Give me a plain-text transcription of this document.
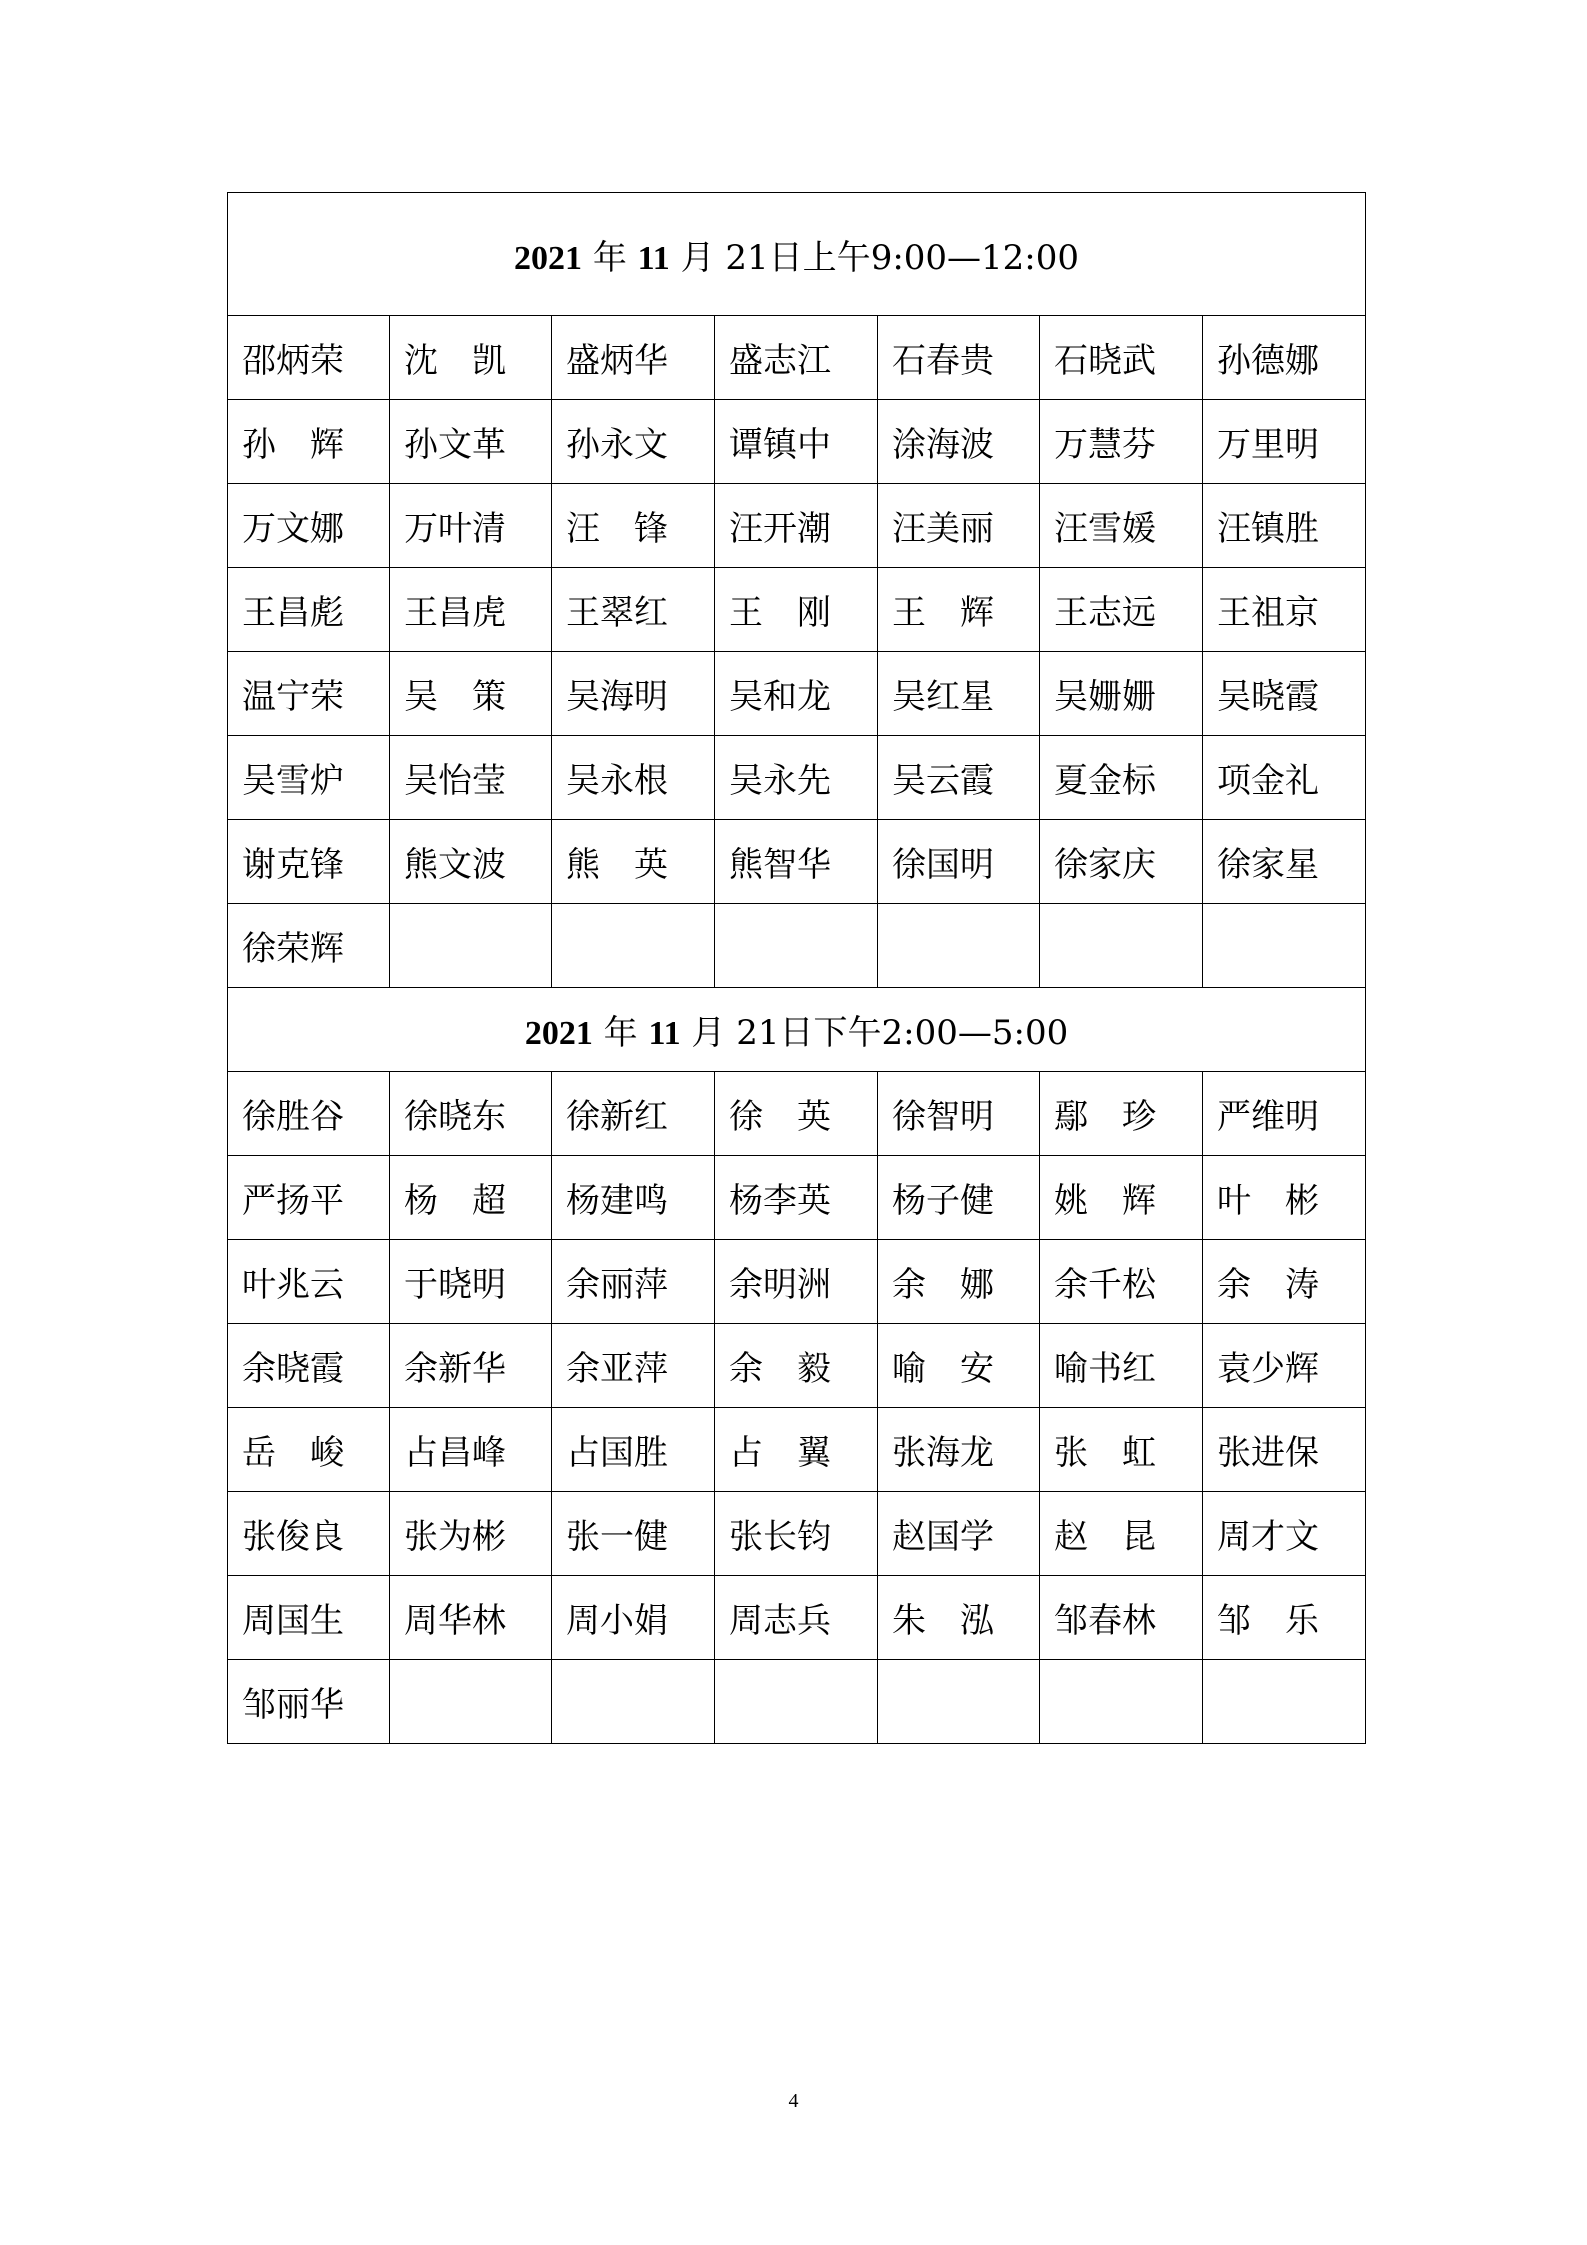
2021 年 11 月 21日上午9:00—12:00						
邵炳荣	沈　凯	盛炳华	盛志江	石春贵	石晓武	孙德娜
孙　辉	孙文革	孙永文	谭镇中	涂海波	万慧芬	万里明
万文娜	万叶清	汪　锋	汪开潮	汪美丽	汪雪媛	汪镇胜
王昌彪	王昌虎	王翠红	王　刚	王　辉	王志远	王祖京
温宁荣	吴　策	吴海明	吴和龙	吴红星	吴姗姗	吴晓霞
吴雪炉	吴怡莹	吴永根	吴永先	吴云霞	夏金标	项金礼
谢克锋	熊文波	熊　英	熊智华	徐国明	徐家庆	徐家星
徐荣辉						
2021 年 11 月 21日下午2:00—5:00						
徐胜谷	徐晓东	徐新红	徐　英	徐智明	鄢　珍	严维明
严扬平	杨　超	杨建鸣	杨李英	杨子健	姚　辉	叶　彬
叶兆云	于晓明	余丽萍	余明洲	余　娜	余千松	余　涛
余晓霞	余新华	余亚萍	余　毅	喻　安	喻书红	袁少辉
岳　峻	占昌峰	占国胜	占　翼	张海龙	张　虹	张进保
张俊良	张为彬	张一健	张长钧	赵国学	赵　昆	周才文
周国生	周华林	周小娟	周志兵	朱　泓	邹春林	邹　乐
邹丽华						
4
